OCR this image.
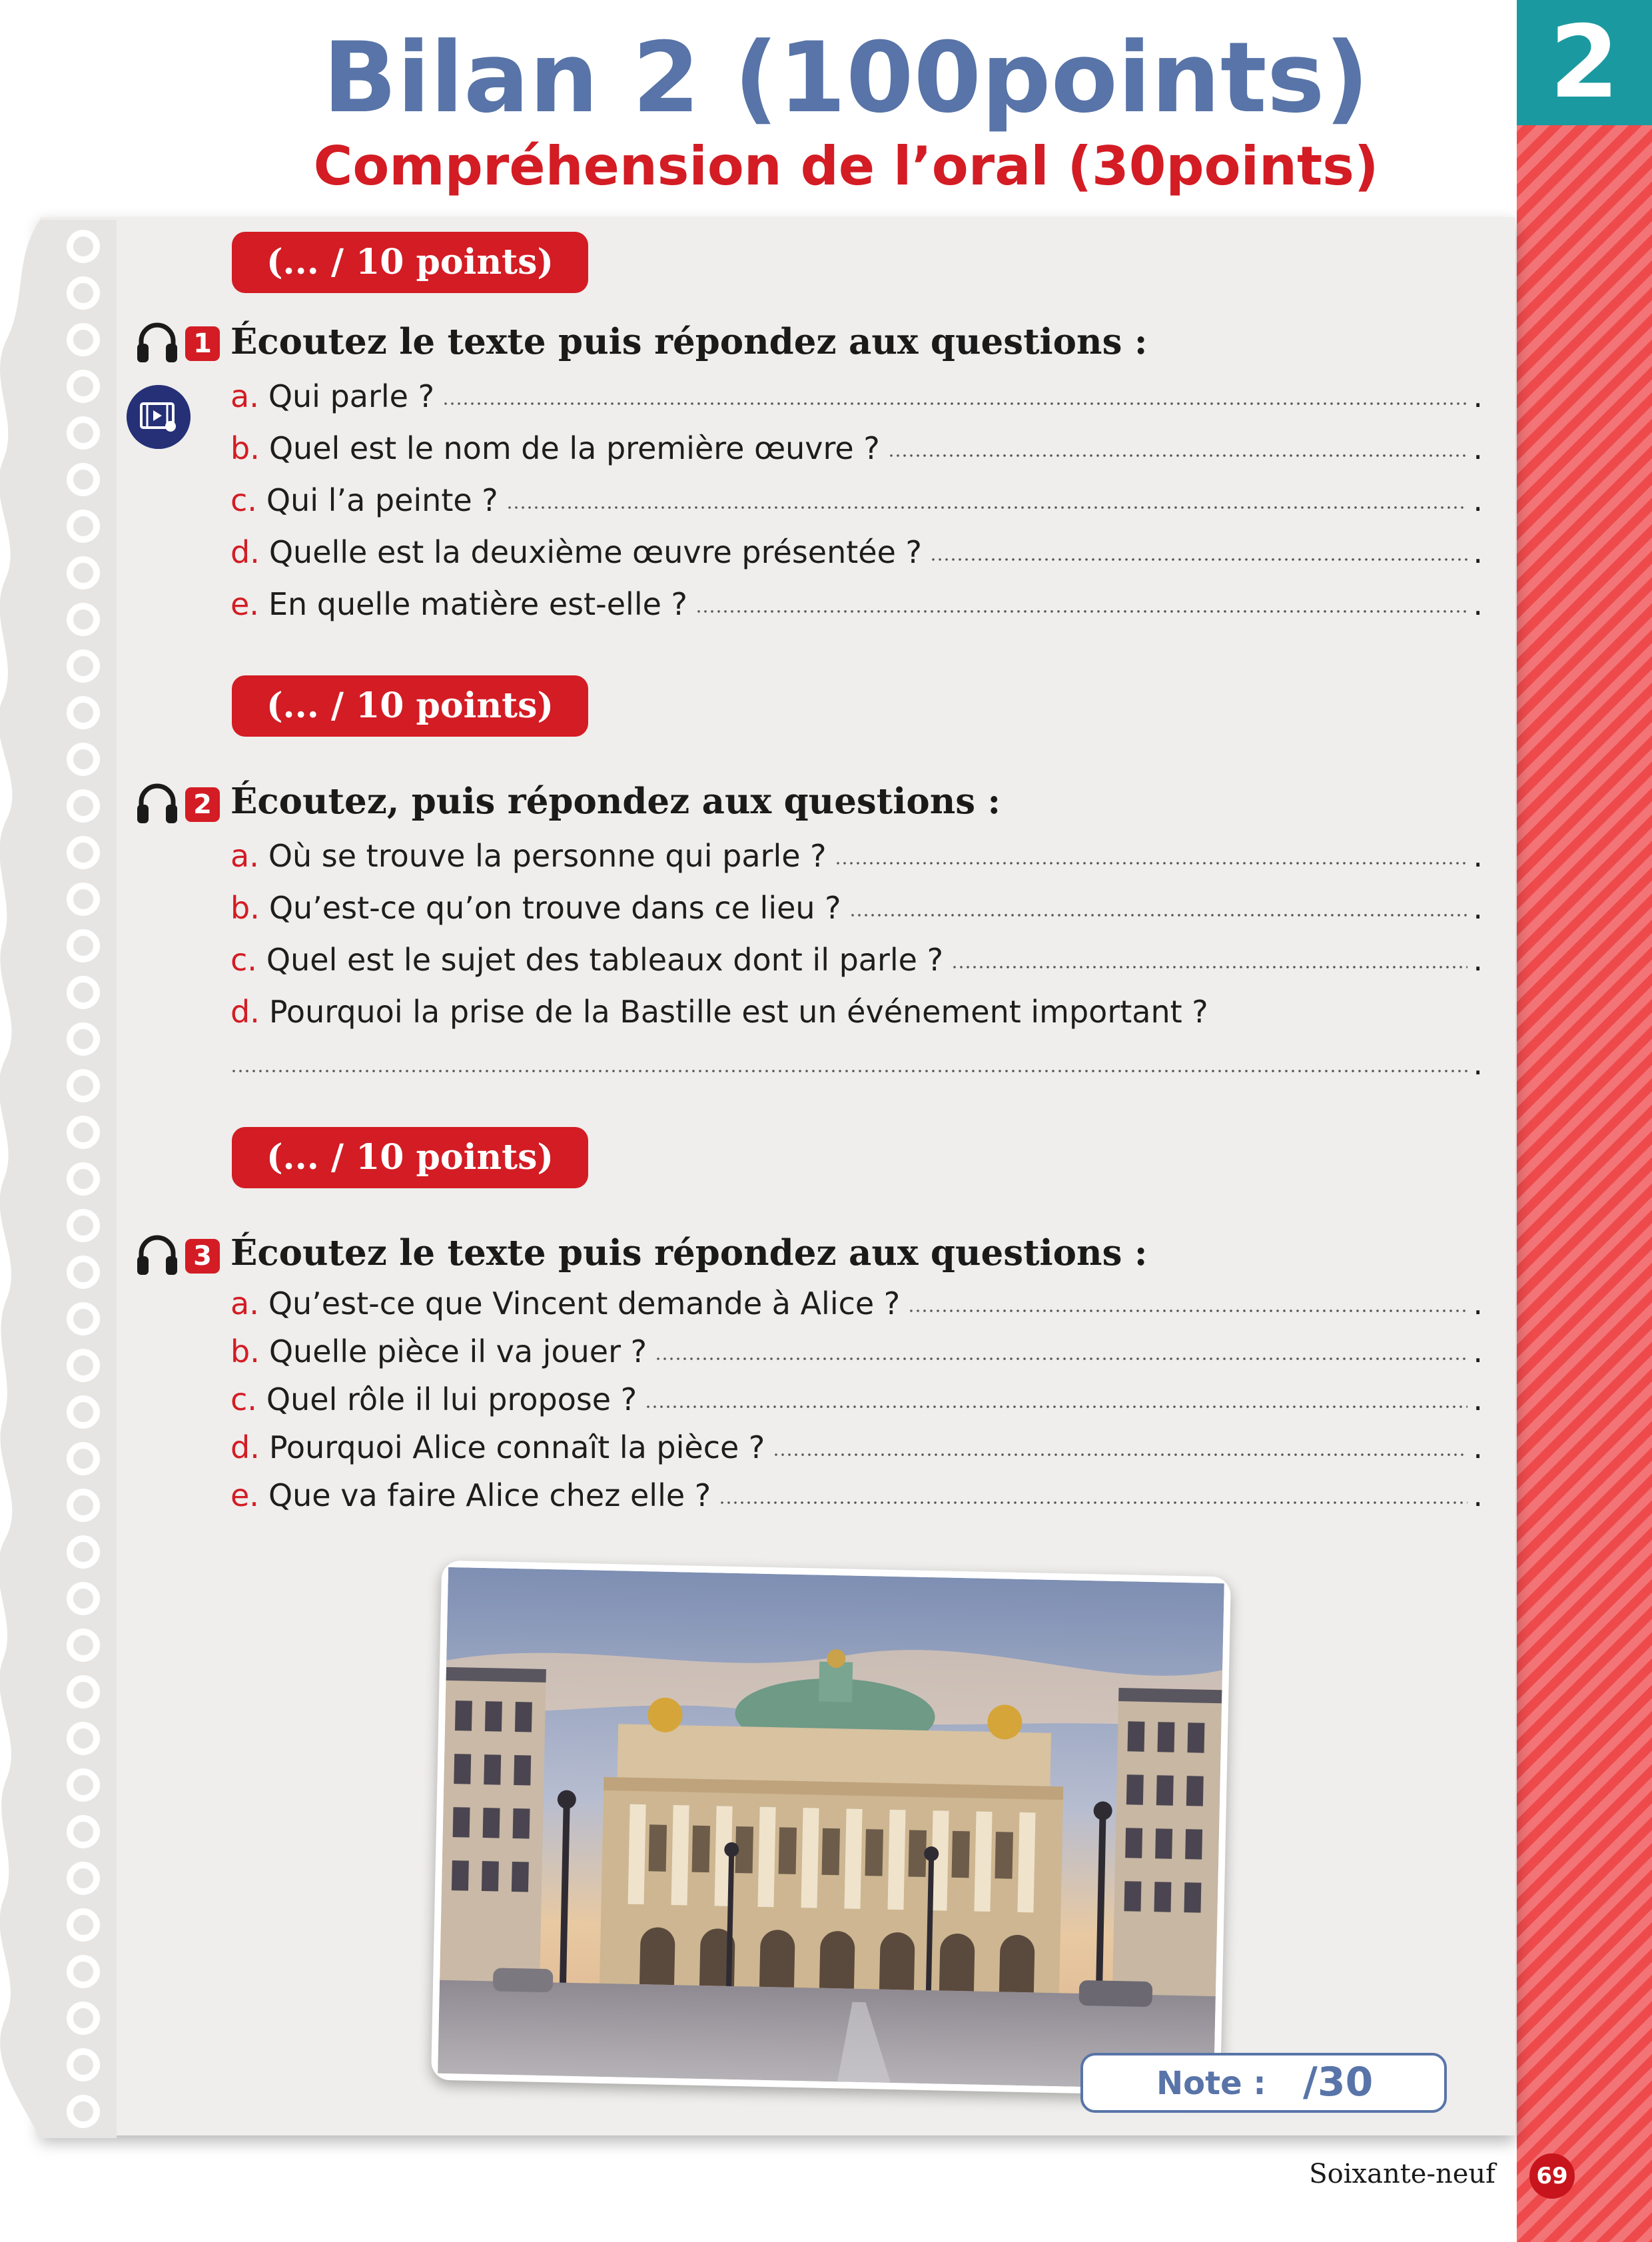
2
Bilan 2 (100points)
Compréhension de l’oral (30points)
(... / 10 points)
1 Écoutez le texte puis répondez aux questions :
a. Qui parle ?	.
b. Quel est le nom de la première œuvre ?	.
c. Qui l’a peinte ?	.
d. Quelle est la deuxième œuvre présentée ?	.
e. En quelle matière est-elle ?	.
(... / 10 points)
2 Écoutez, puis répondez aux questions :
a. Où se trouve la personne qui parle ?	.
b. Qu’est-ce qu’on trouve dans ce lieu ?	.
c. Quel est le sujet des tableaux dont il parle ?	.
d. Pourquoi la prise de la Bastille est un événement important ?
.
(... / 10 points)
3 Écoutez le texte puis répondez aux questions :
a. Qu’est-ce que Vincent demande à Alice ?	.
b. Quelle pièce il va jouer ?	.
c. Quel rôle il lui propose ?	.
d. Pourquoi Alice connaît la pièce ?	.
e. Que va faire Alice chez elle ?	.
Note : /30
Soixante-neuf	69
